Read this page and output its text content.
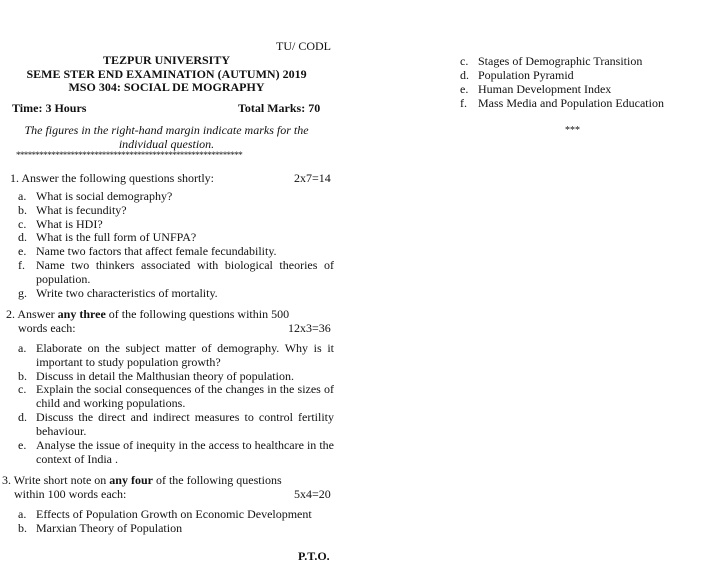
TU/ CODL
TEZPUR UNIVERSITY
SEME STER END EXAMINATION (AUTUMN) 2019
MSO 304: SOCIAL DE MOGRAPHY
Time: 3 Hours	Total Marks: 70
The figures in the right-hand margin indicate marks for the
individual question.
**********************************************************
1. Answer the following questions shortly:	2x7=14
a. What is social demography?
b. What is fecundity?
c. What is HDI?
d. What is the full form of UNFPA?
e. Name two factors that affect female fecundability.
f. Name two thinkers associated with biological theories of population.
g. Write two characteristics of mortality.
2. Answer any three of the following questions within 500
words each:	12x3=36
a. Elaborate on the subject matter of demography. Why is it important to study population growth?
b. Discuss in detail the Malthusian theory of population.
c. Explain the social consequences of the changes in the sizes of child and working populations.
d. Discuss the direct and indirect measures to control fertility behaviour.
e. Analyse the issue of inequity in the access to healthcare in the context of India .
3. Write short note on any four of the following questions
within 100 words each:	5x4=20
a. Effects of Population Growth on Economic Development
b. Marxian Theory of Population
c. Stages of Demographic Transition
d. Population Pyramid
e. Human Development Index
f. Mass Media and Population Education
***
P.T.O.
